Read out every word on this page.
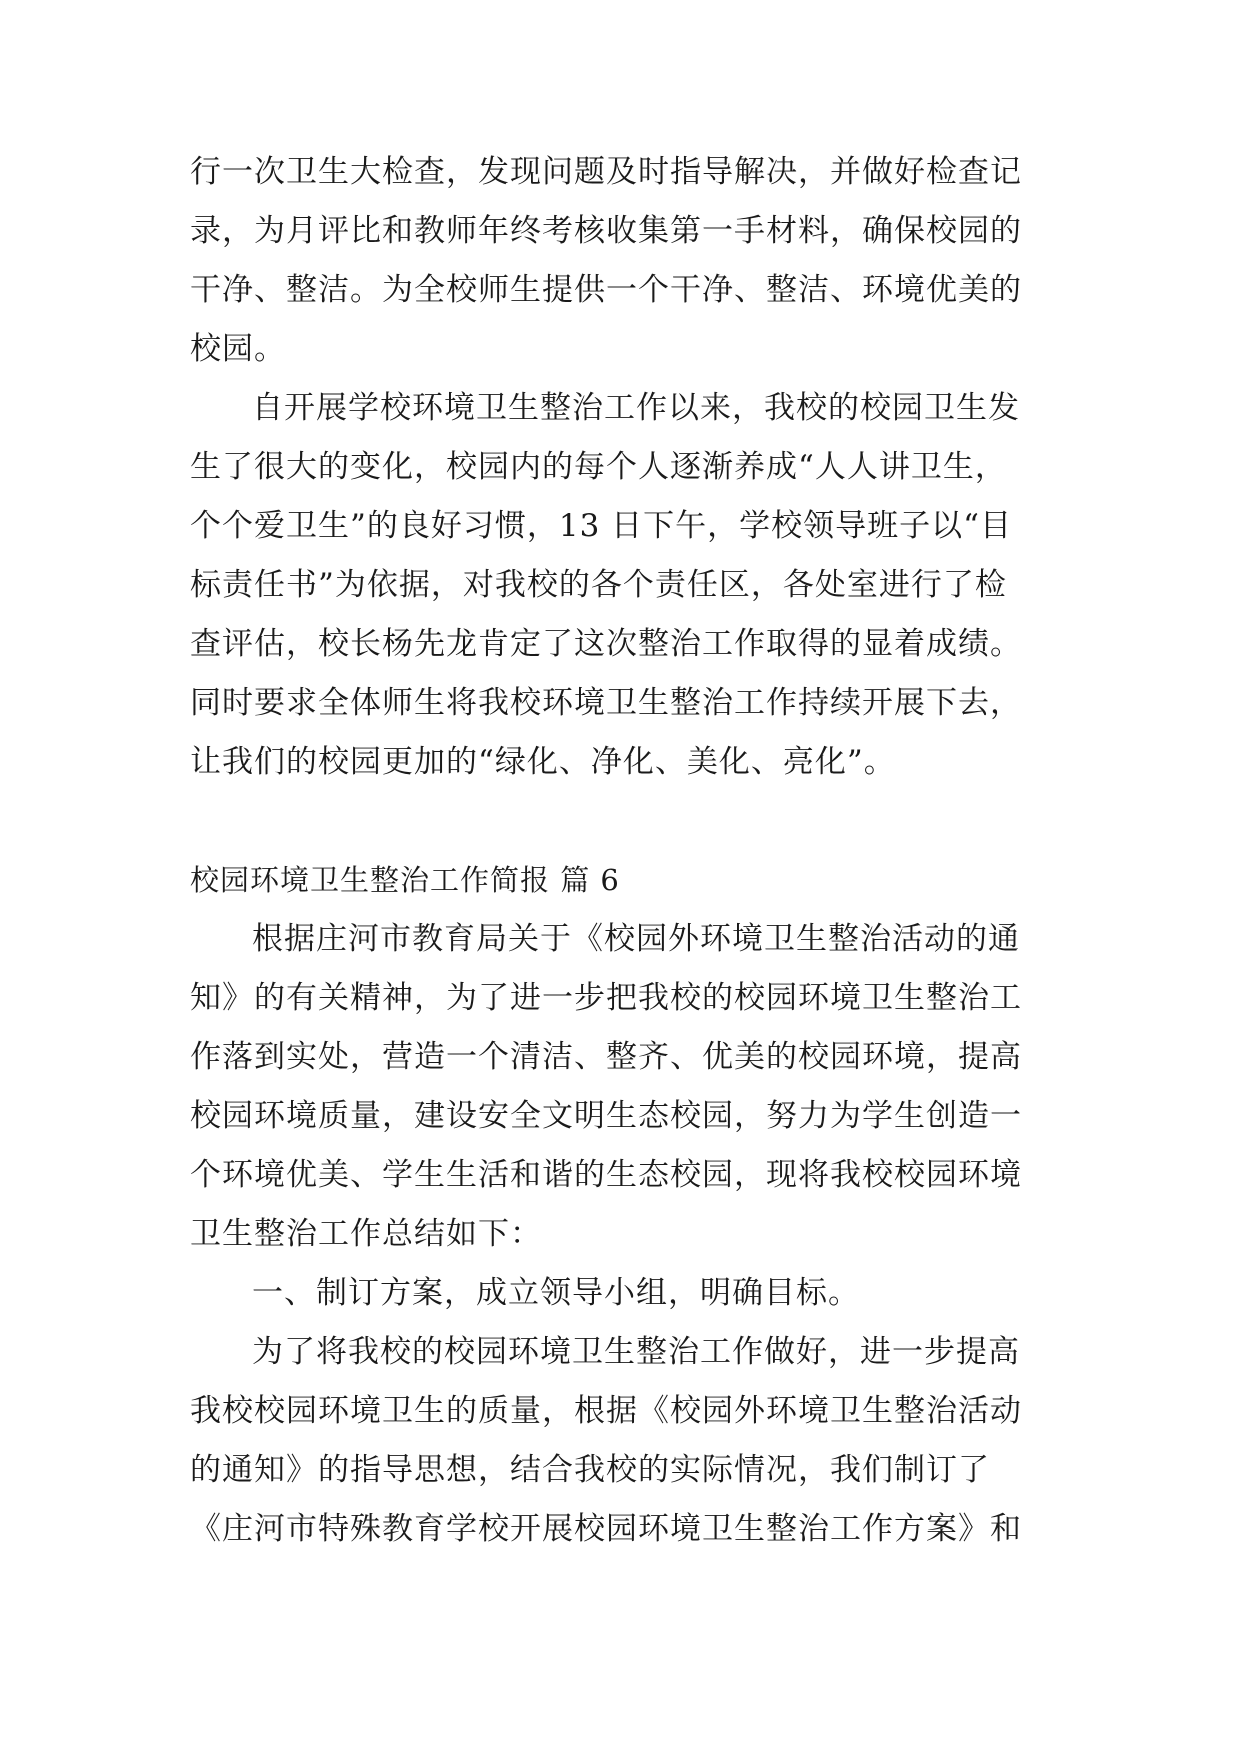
行一次卫生大检查，发现问题及时指导解决，并做好检查记
录，为月评比和教师年终考核收集第一手材料，确保校园的
干净、整洁。为全校师生提供一个干净、整洁、环境优美的
校园。
自开展学校环境卫生整治工作以来，我校的校园卫生发
生了很大的变化，校园内的每个人逐渐养成“人人讲卫生，
个个爱卫生”的良好习惯，13 日下午，学校领导班子以“目
标责任书”为依据，对我校的各个责任区，各处室进行了检
查评估，校长杨先龙肯定了这次整治工作取得的显着成绩。
同时要求全体师生将我校环境卫生整治工作持续开展下去，
让我们的校园更加的“绿化、净化、美化、亮化”。
校园环境卫生整治工作简报 篇 6
根据庄河市教育局关于《校园外环境卫生整治活动的通
知》的有关精神，为了进一步把我校的校园环境卫生整治工
作落到实处，营造一个清洁、整齐、优美的校园环境，提高
校园环境质量，建设安全文明生态校园，努力为学生创造一
个环境优美、学生生活和谐的生态校园，现将我校校园环境
卫生整治工作总结如下：
一、制订方案，成立领导小组，明确目标。
为了将我校的校园环境卫生整治工作做好，进一步提高
我校校园环境卫生的质量，根据《校园外环境卫生整治活动
的通知》的指导思想，结合我校的实际情况，我们制订了
《庄河市特殊教育学校开展校园环境卫生整治工作方案》和
